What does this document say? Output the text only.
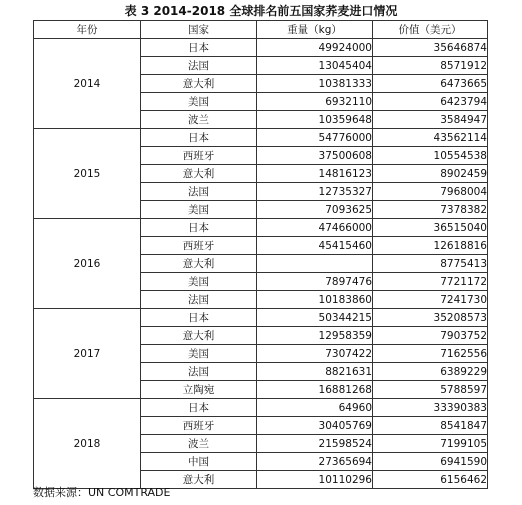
表 3 2014-2018 全球排名前五国家荞麦进口情况
年份	国家	重量（kg）	价值（美元）
2014	日本	49924000	35646874
	法国	13045404	8571912
	意大利	10381333	6473665
	美国	6932110	6423794
	波兰	10359648	3584947
2015	日本	54776000	43562114
	西班牙	37500608	10554538
	意大利	14816123	8902459
	法国	12735327	7968004
	美国	7093625	7378382
2016	日本	47466000	36515040
	西班牙	45415460	12618816
	意大利		8775413
	美国	7897476	7721172
	法国	10183860	7241730
2017	日本	50344215	35208573
	意大利	12958359	7903752
	美国	7307422	7162556
	法国	8821631	6389229
	立陶宛	16881268	5788597
2018	日本	64960	33390383
	西班牙	30405769	8541847
	波兰	21598524	7199105
	中国	27365694	6941590
	意大利	10110296	6156462
数据来源：UN COMTRADE
